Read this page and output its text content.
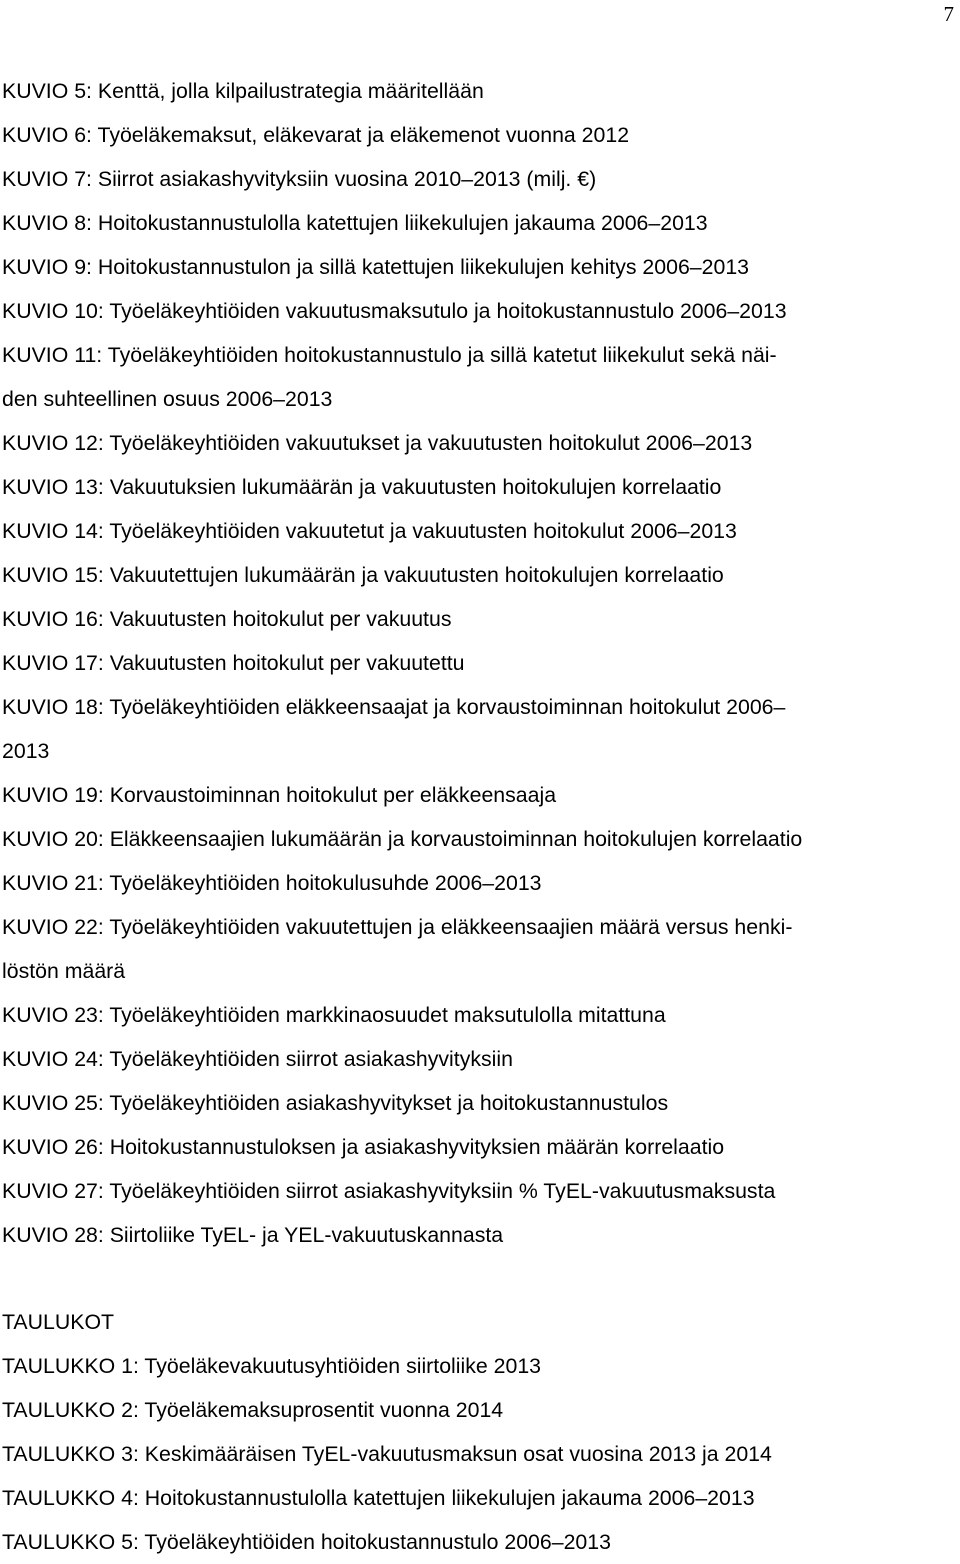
7
KUVIO 5: Kenttä, jolla kilpailustrategia määritellään
KUVIO 6: Työeläkemaksut, eläkevarat ja eläkemenot vuonna 2012
KUVIO 7: Siirrot asiakashyvityksiin vuosina 2010–2013 (milj. €)
KUVIO 8: Hoitokustannustulolla katettujen liikekulujen jakauma 2006–2013
KUVIO 9: Hoitokustannustulon ja sillä katettujen liikekulujen kehitys 2006–2013
KUVIO 10: Työeläkeyhtiöiden vakuutusmaksutulo ja hoitokustannustulo 2006–2013
KUVIO 11: Työeläkeyhtiöiden hoitokustannustulo ja sillä katetut liikekulut sekä näi-
den suhteellinen osuus 2006–2013
KUVIO 12: Työeläkeyhtiöiden vakuutukset ja vakuutusten hoitokulut 2006–2013
KUVIO 13: Vakuutuksien lukumäärän ja vakuutusten hoitokulujen korrelaatio
KUVIO 14: Työeläkeyhtiöiden vakuutetut ja vakuutusten hoitokulut 2006–2013
KUVIO 15: Vakuutettujen lukumäärän ja vakuutusten hoitokulujen korrelaatio
KUVIO 16: Vakuutusten hoitokulut per vakuutus
KUVIO 17: Vakuutusten hoitokulut per vakuutettu
KUVIO 18: Työeläkeyhtiöiden eläkkeensaajat ja korvaustoiminnan hoitokulut 2006–
2013
KUVIO 19: Korvaustoiminnan hoitokulut per eläkkeensaaja
KUVIO 20: Eläkkeensaajien lukumäärän ja korvaustoiminnan hoitokulujen korrelaatio
KUVIO 21: Työeläkeyhtiöiden hoitokulusuhde 2006–2013
KUVIO 22: Työeläkeyhtiöiden vakuutettujen ja eläkkeensaajien määrä versus henki-
löstön määrä
KUVIO 23: Työeläkeyhtiöiden markkinaosuudet maksutulolla mitattuna
KUVIO 24: Työeläkeyhtiöiden siirrot asiakashyvityksiin
KUVIO 25: Työeläkeyhtiöiden asiakashyvitykset ja hoitokustannustulos
KUVIO 26: Hoitokustannustuloksen ja asiakashyvityksien määrän korrelaatio
KUVIO 27: Työeläkeyhtiöiden siirrot asiakashyvityksiin % TyEL-vakuutusmaksusta
KUVIO 28: Siirtoliike TyEL- ja YEL-vakuutuskannasta
TAULUKOT
TAULUKKO 1: Työeläkevakuutusyhtiöiden siirtoliike 2013
TAULUKKO 2: Työeläkemaksuprosentit vuonna 2014
TAULUKKO 3: Keskimääräisen TyEL-vakuutusmaksun osat vuosina 2013 ja 2014
TAULUKKO 4: Hoitokustannustulolla katettujen liikekulujen jakauma 2006–2013
TAULUKKO 5: Työeläkeyhtiöiden hoitokustannustulo 2006–2013
